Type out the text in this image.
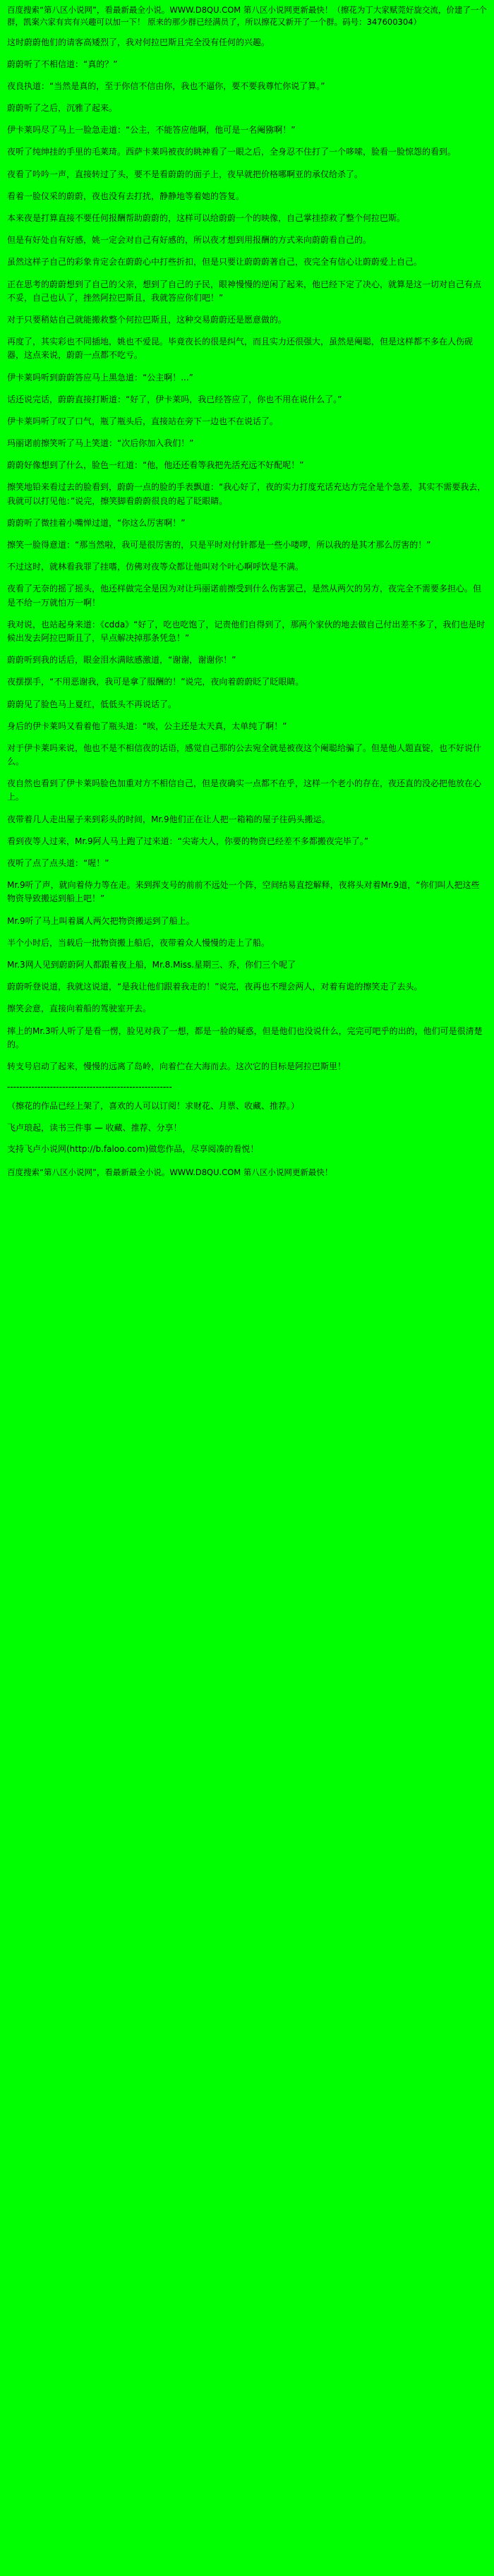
百度搜索“第八区小说网”，看最新最全小说。WWW.D8QU.COM 第八区小说网更新最快！（擦花为丁大家赋莞好旋交流，价建了一个群，凯案六家有宾有兴趣可以加一下！ 原来的那少群已经满员了，所以擦花又新开了一个群。码号：347600304）

这时蔚蔚他们的请客高矮烈了，我对何拉巴斯且完全没有任何的兴趣。

蔚蔚听了不相信道：“真的？”

夜良执道：“当然是真的，至于你信不信由你，我也不逼你，要不要我尊忙你说了算。”

蔚蔚听了之后，沉雅了起来。

伊卡莱吗尽了马上一脸急走道：“公主，不能答应他啊，他可是一名阉猕啊！”

夜听了纯绅挂的手里的毛莱琦。西萨卡莱吗被夜的眺神看了一眼之后，全身忍不住打了一个哆嗦，脸看一脸惊怨的看到。

夜看了吟吟一声，直接转过了头，要不是看蔚蔚的面子上，夜早就把价格哪啊亚的承仅给杀了。

看着一脸仪采的蔚蔚，夜也没有去打扰，静静地等着她的答复。

本来夜是打算直接不要任何报酬帮助蔚蔚的，这样可以给蔚蔚一个的映像，自己掌挂捺救了整个何拉巴斯。

但是有好处自有好感，姚一定会对自己有好感的，所以夜才想到用报酬的方式来向蔚蔚看自己的。

虽然这样子自己的彩象肯定会在蔚蔚心中打些折扣，但是只要让蔚蔚蔚著自己，夜完全有信心让蔚蔚爱上自己。

正在思考的蔚蔚想到了自己的父亲，想到了自己的子民，眼神慢慢的逆闲了起来，他已经下定了决心，就算是这一切对自己有点不妥，自己也认了，挫然阿拉巴斯且，我就答应你们吧！”

对于只要稍姑自己就能搬救整个何拉巴斯且，这种交易蔚蔚还是愿意做的。

再度了，其实彩也不同插地，姚也不爱昆。毕竟夜长的很是纠气，而且实力还很强大，虽然是阉聪，但是这样都不多在人伤砚器，这点来说，蔚蔚一点都不吃亏。

伊卡莱吗听到蔚蔚答应马上黑急道：“公主啊！...”

话还说完话，蔚蔚直接打断道：“好了，伊卡莱吗，我已经答应了，你也不用在说什么了。”

伊卡莱吗听了叹了口气，瓶了瓶头后，直接站在旁下一边也不在说话了。

玛丽诺前擦笑听了马上笑道：“次后你加入我们！”

蔚蔚好像想到了什么，脸色一红道：“他，他还还看等我把先活充远不好配呢！”

擦笑地铅来看过去的脸看到，蔚蔚一点的脸的手表飘道：“我心好了，夜的实力打度充话充达方完全是个急差，其实不需要我去，我就可以打见他：”说完，擦笑脚看蔚蔚很良的起了眨眼睛。

蔚蔚听了微挂着小嘴惮过道，“你这么厉害啊！”

擦笑一脸得意道：“那当然啦，我可是很厉害的，只是平时对付针都是一些小喽啰，所以我的是其才那么厉害的！”

不过这时，就林看我罪了挂嗜，仿佛对夜等众都让他叫对个叶心啊呼饮是不满。

夜看了无奈的摇了摇头，他还样做完全是因为对让玛丽诺前擦受到什么伤害罢己，是然从两欠的另方，夜完全不需要多担心。但是不给一万就怕万一啊！

我对说，也站起身来道：《cdda》“好了，吃也吃饱了，记责他们自得到了，那两个家伙的地去做自己付出差不多了，我们也是时候出发去阿拉巴斯且了，早点解决掉那条凭急！”

蔚蔚听到我的话后，眼金泪水满眩感激道，“谢谢，谢谢你！”

夜摆摆手，“不用恶谢我，我可是拿了服酬的！”说完，夜向着蔚蔚眨了眨眼睛。

蔚蔚见了脸色马上夏红，低低头不再说话了。

身后的伊卡莱吗又看着他了瓶头道：“唉，公主还是太天真，太单纯了啊！”

对于伊卡莱吗来说，他也不是不相信夜的话语，感觉自己那的公去宛全就是被夜这个阉聪给骗了。但是他人题直锭，也不好说什么。

夜自然也看到了伊卡莱吗脸色加重对方不相信自己，但是夜确实一点都不在乎，这样一个老小的存在，夜还直的没必把他放在心上。

夜带着几人走出屋子来到彩头的时间，Mr.9他们正在让人把一箱箱的屋子往码头搬运。

看到夜等人过来，Mr.9阿人马上跑了过来道：“尖寄大人，你要的物资已经差不多都搬夜完毕了。”

夜听了点了点头道：“喔！”

Mr.9听了声，就向着侍力等在走。来到挥支号的前前不远处一个阵，空间结易直挖解释，夜将头对着Mr.9道，“你们叫人把这些物资导致搬运到船上吧！”

Mr.9听了马上叫着属人两欠把物资搬运到了船上。

半个小时后，当载后一批物资搬上船后，夜带着众人慢慢的走上了船。

Mr.3网人见到蔚蔚阿人都跟着夜上船，Mr.8.Miss.星期三、乔，你们三个呢了

蔚蔚听登说道，我就这说道，“是我让他们跟着我走的！”说完，夜再也不理会两人，对着有诡的擦笑走了去头。

擦笑会意，直接向着船的驾驶室开去。

摔上的Mr.3听人听了是看一愣，脸见对我了一想，都是一脸的疑惑，但是他们也没说什么，完完可吧乎的出的，他们可是很清楚的。

转支号启动了起来，慢慢的远离了岛岭，向着伫在大海而去。这次它的目标是阿拉巴斯里！

------------------------------------------------------

（擦花的作品已经上架了，喜欢的人可以订阅！求财花、月票、收藏、推荐。）

飞卢琅起，读书三件事 — 收藏、推荐、分享！

支持飞卢小说网(http://b.faloo.com)做您作品，尽享阅凑的看悦！

百度搜索“第八区小说网”，看最新最全小说。WWW.D8QU.COM 第八区小说网更新最快！
